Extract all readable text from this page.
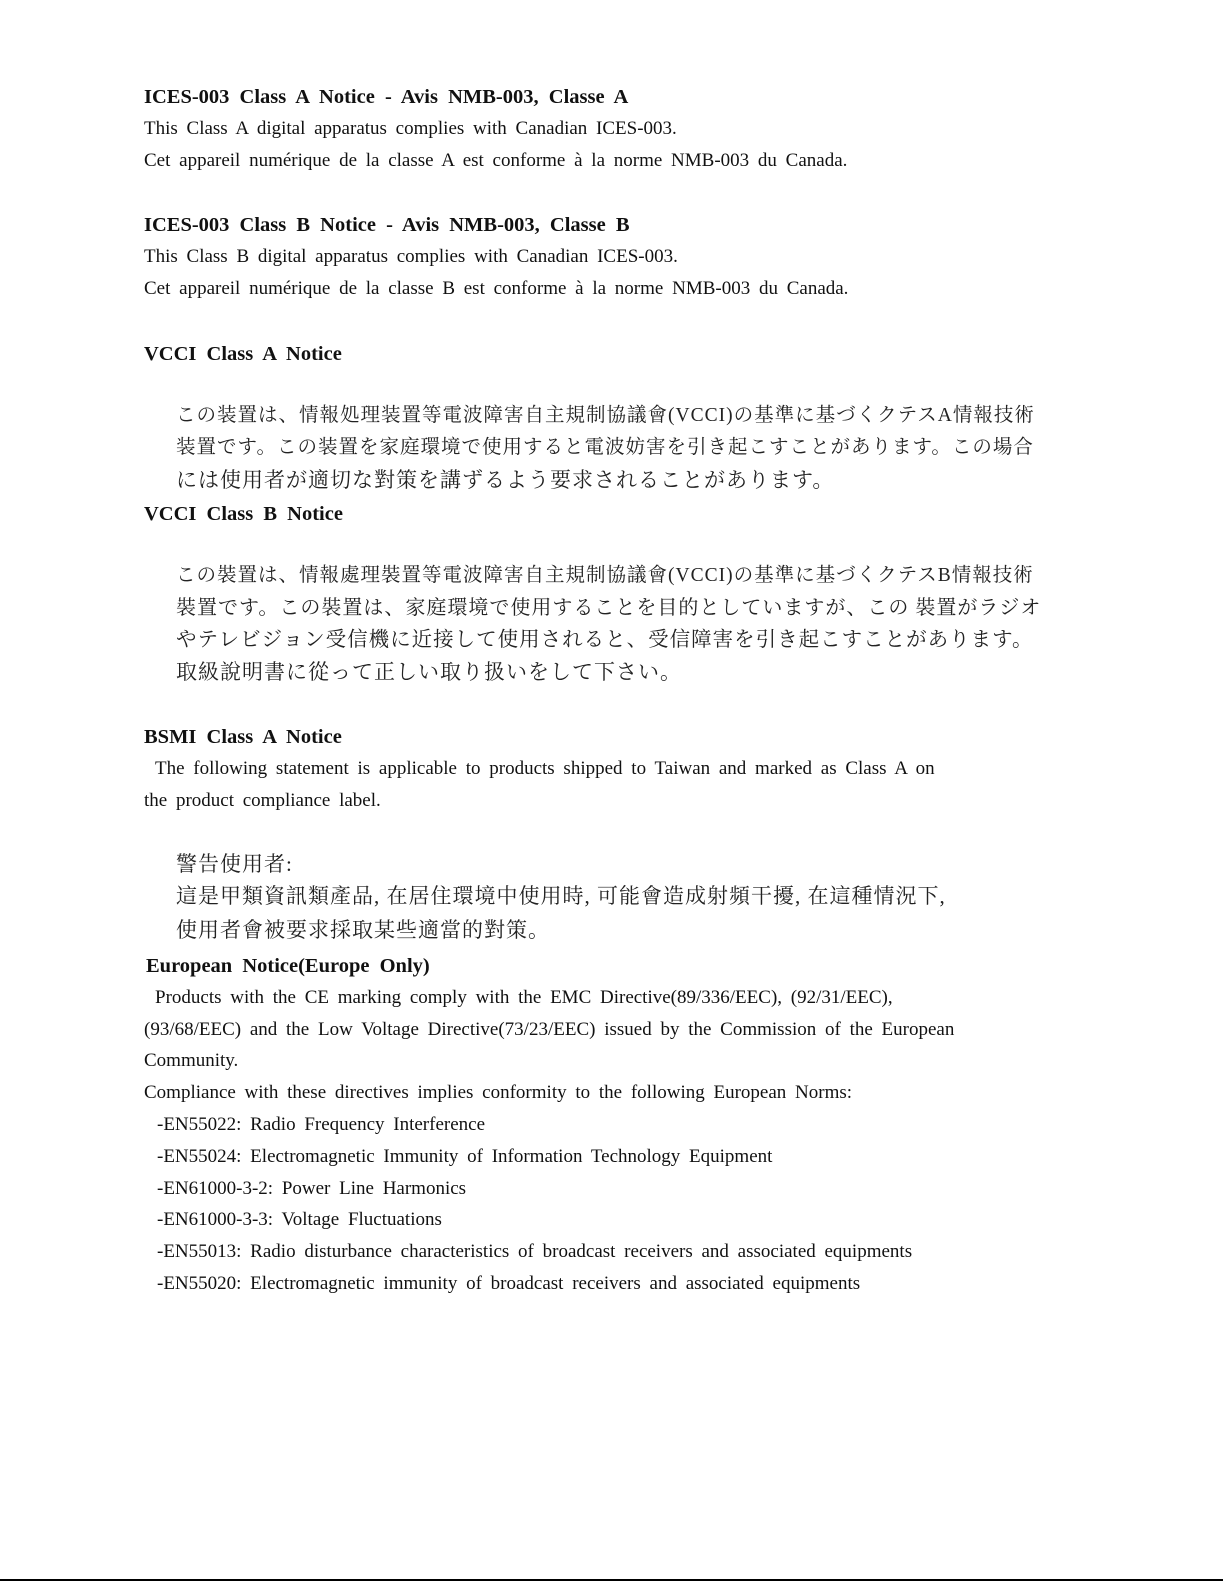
ICES-003 Class A Notice - Avis NMB-003, Classe A
This Class A digital apparatus complies with Canadian ICES-003.
Cet appareil numérique de la classe A est conforme à la norme NMB-003 du Canada.
ICES-003 Class B Notice - Avis NMB-003, Classe B
This Class B digital apparatus complies with Canadian ICES-003.
Cet appareil numérique de la classe B est conforme à la norme NMB-003 du Canada.
VCCI Class A Notice
この装置は、情報処理装置等電波障害自主規制協議會(VCCI)の基準に基づくクテスA情報技術
装置です。この装置を家庭環境で使用すると電波妨害を引き起こすことがあります。この場合
には使用者が適切な對策を講ずるよう要求されることがあります。
VCCI Class B Notice
この裝置は、情報處理裝置等電波障害自主規制協議會(VCCI)の基準に基づくクテスB情報技術
裝置です。この裝置は、家庭環境で使用することを目的としていますが、この 裝置がラジオ
やテレビジョン受信機に近接して使用されると、受信障害を引き起こすことがあります。
取級說明書に從って正しい取り扱いをして下さい。
BSMI Class A Notice
The following statement is applicable to products shipped to Taiwan and marked as Class A on
the product compliance label.
警告使用者:
這是甲類資訊類產品, 在居住環境中使用時, 可能會造成射頻干擾, 在這種情況下,
使用者會被要求採取某些適當的對策。
European Notice(Europe Only)
Products with the CE marking comply with the EMC Directive(89/336/EEC), (92/31/EEC),
(93/68/EEC) and the Low Voltage Directive(73/23/EEC) issued by the Commission of the European
Community.
Compliance with these directives implies conformity to the following European Norms:
-EN55022: Radio Frequency Interference
-EN55024: Electromagnetic Immunity of Information Technology Equipment
-EN61000-3-2: Power Line Harmonics
-EN61000-3-3: Voltage Fluctuations
-EN55013: Radio disturbance characteristics of broadcast receivers and associated equipments
-EN55020: Electromagnetic immunity of broadcast receivers and associated equipments
